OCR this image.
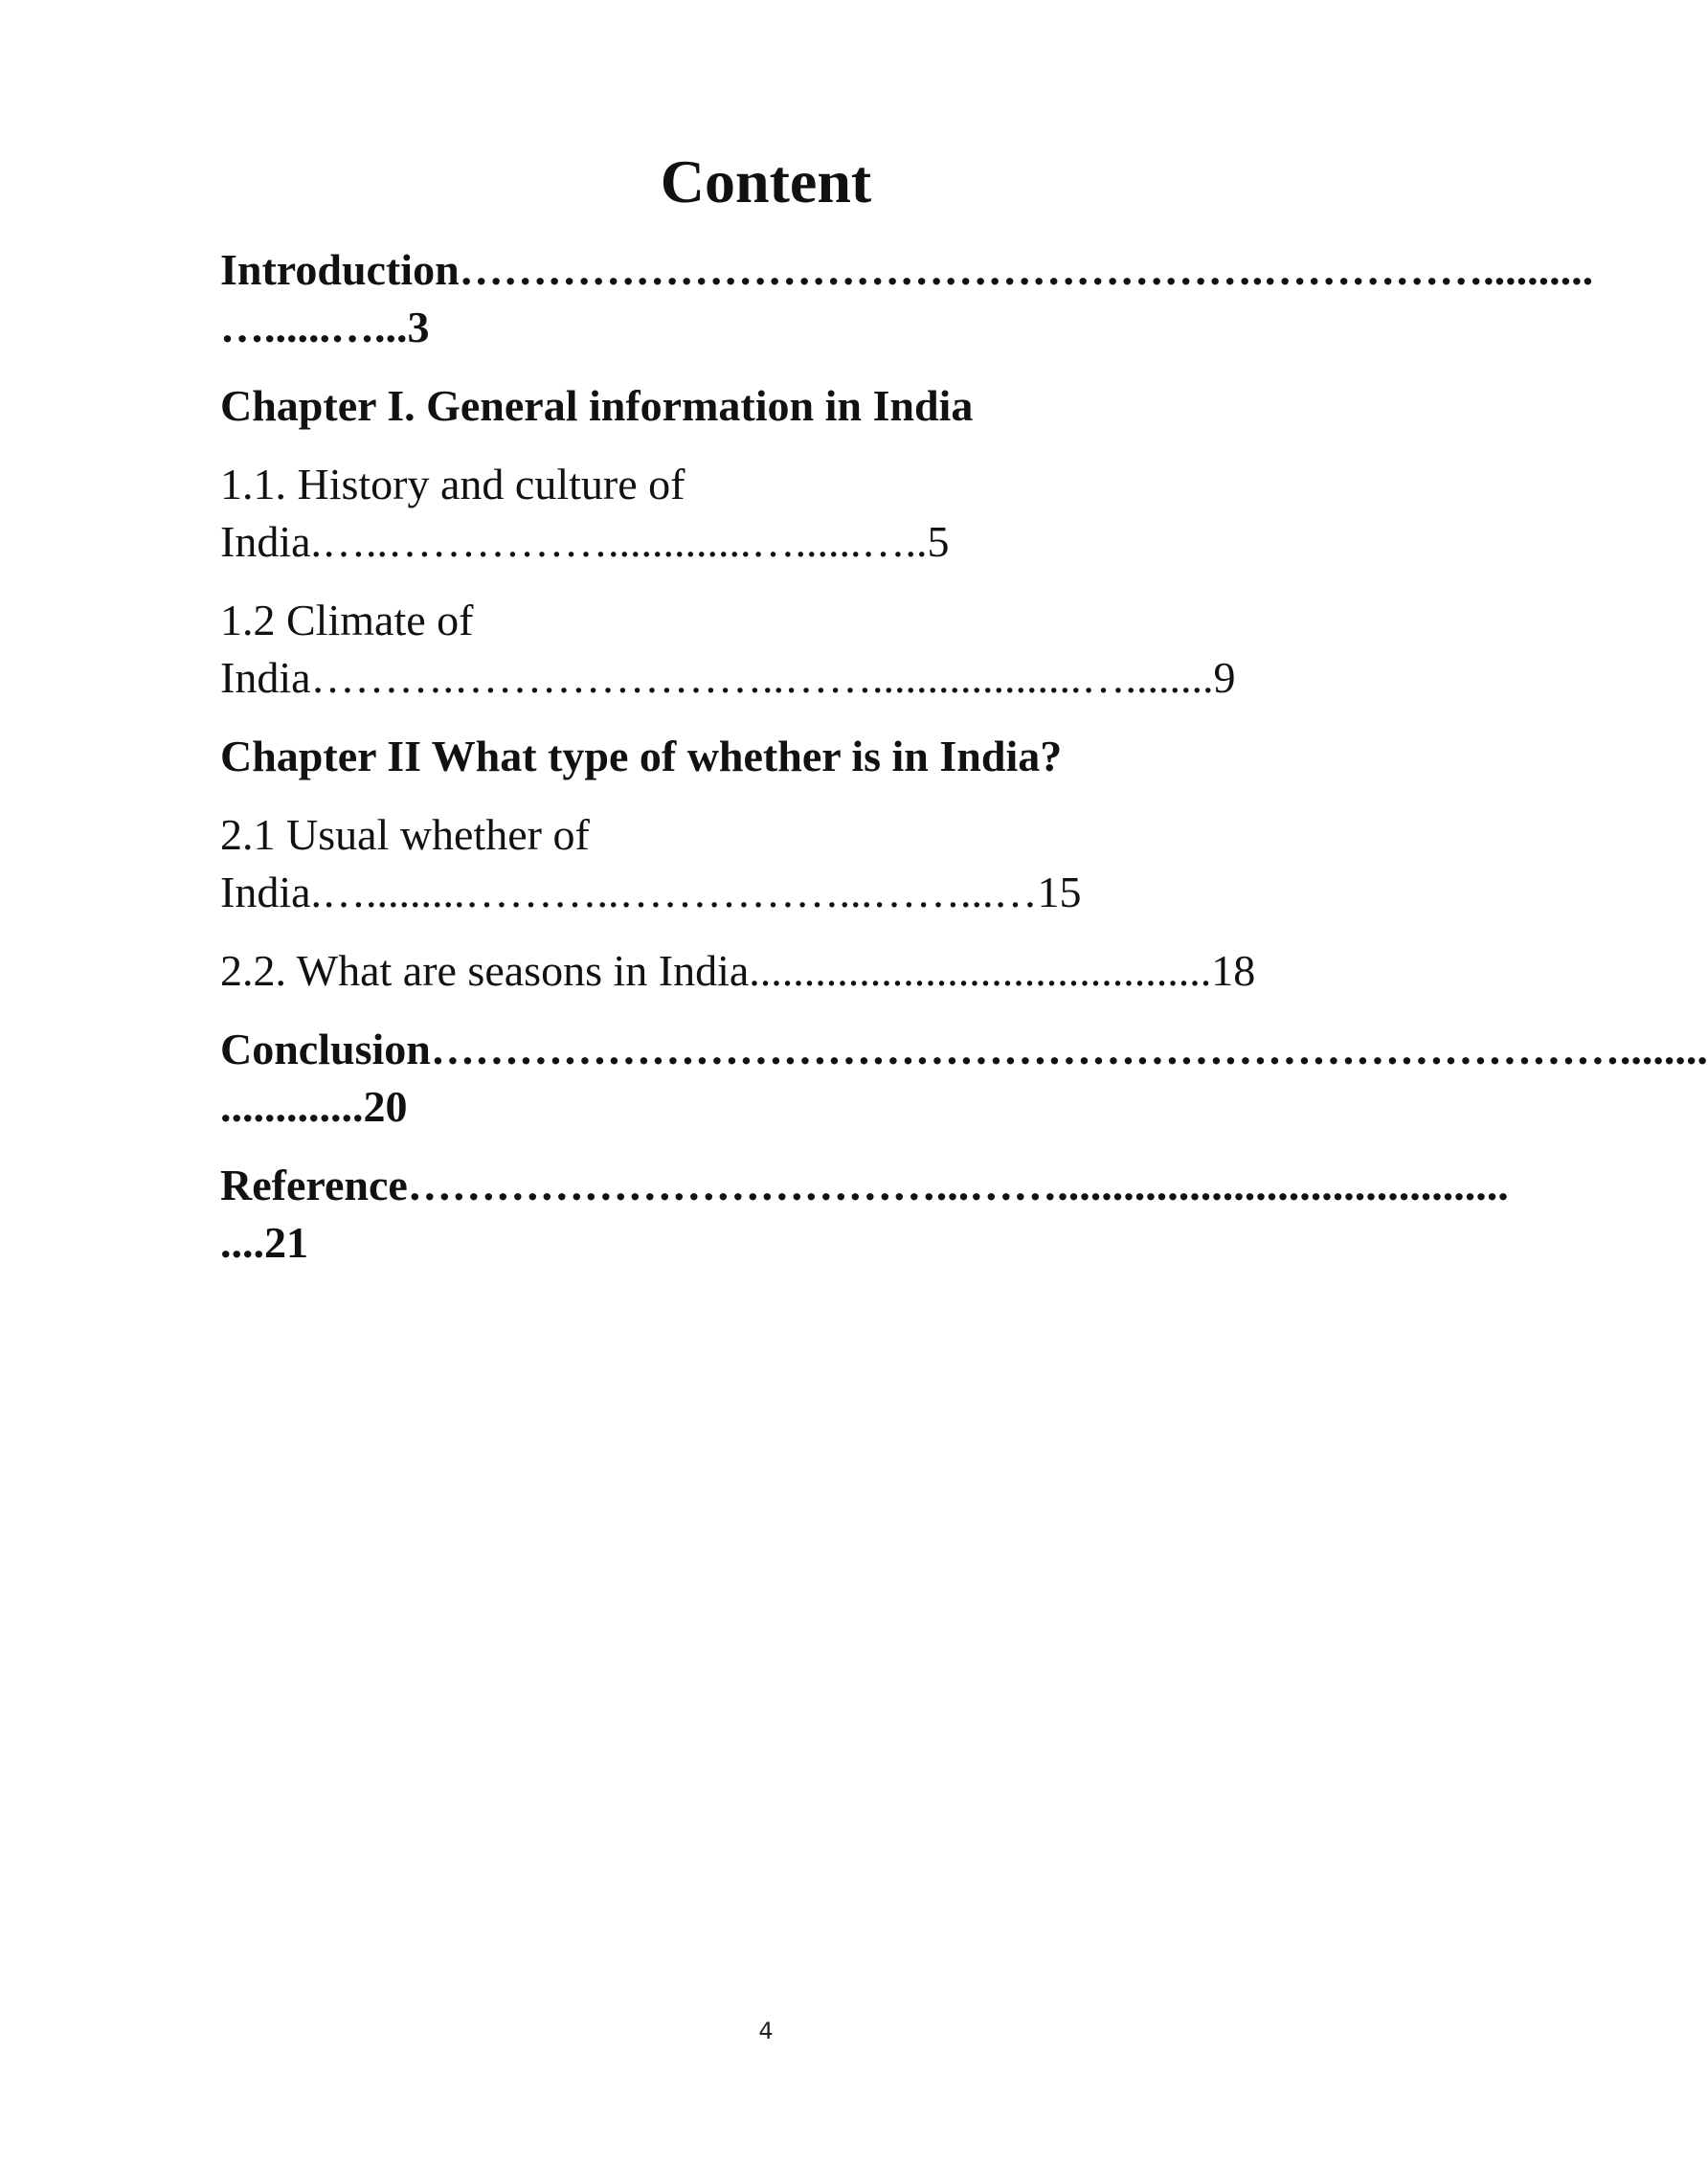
Content

Introduction……………………………………………….……………..........
…......…...3

Chapter I. General information in India

1.1. History and culture of
India.…..…………….............…......…..5

1.2 Climate of
India……….…………………..……...................…........9

Chapter II What type of whether is in India?

2.1 Usual whether of
India.….........………..……………...……...…15

2.2. What are seasons in India..........................................18

Conclusion………………………………………………………………………........
.............20

Reference………………………………...…….........................................
....21

4
